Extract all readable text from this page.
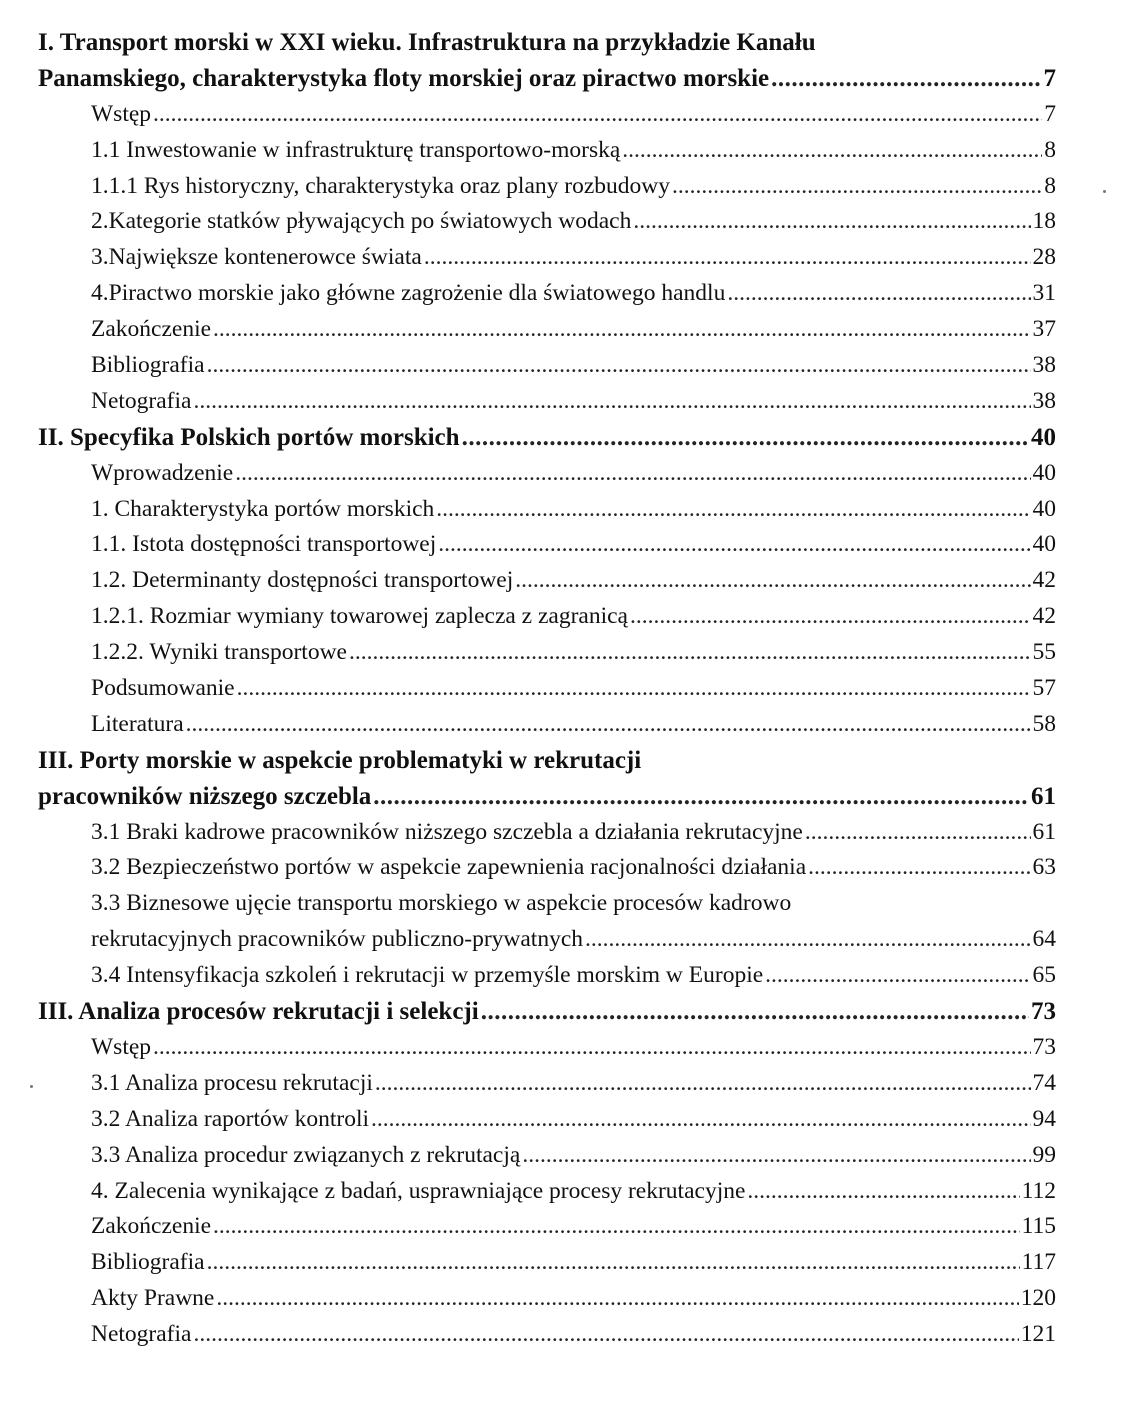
I. Transport morski w XXI wieku. Infrastruktura na przykładzie Kanału
Panamskiego, charakterystyka floty morskiej oraz piractwo morskie .....	7
Wstęp .....	7
1.1 Inwestowanie w infrastrukturę transportowo-morską .....	8
1.1.1 Rys historyczny, charakterystyka oraz plany rozbudowy .....	8
2.Kategorie statków pływających po światowych wodach .....	18
3.Największe kontenerowce świata .....	28
4.Piractwo morskie jako główne zagrożenie dla światowego handlu .....	31
Zakończenie .....	37
Bibliografia .....	38
Netografia .....	38
II. Specyfika Polskich portów morskich .....	40
Wprowadzenie .....	40
1. Charakterystyka portów morskich .....	40
1.1. Istota dostępności transportowej .....	40
1.2. Determinanty dostępności transportowej .....	42
1.2.1. Rozmiar wymiany towarowej zaplecza z zagranicą .....	42
1.2.2. Wyniki transportowe .....	55
Podsumowanie .....	57
Literatura .....	58
III. Porty morskie w aspekcie problematyki w rekrutacji
pracowników niższego szczebla .....	61
3.1 Braki kadrowe pracowników niższego szczebla a działania rekrutacyjne .....	61
3.2 Bezpieczeństwo portów w aspekcie zapewnienia racjonalności działania .....	63
3.3 Biznesowe ujęcie transportu morskiego w aspekcie procesów kadrowo
rekrutacyjnych pracowników publiczno-prywatnych .....	64
3.4 Intensyfikacja szkoleń i rekrutacji w przemyśle morskim w Europie .....	65
III. Analiza procesów rekrutacji i selekcji .....	73
Wstęp .....	73
3.1 Analiza procesu rekrutacji .....	74
3.2 Analiza raportów kontroli .....	94
3.3 Analiza procedur związanych z rekrutacją .....	99
4. Zalecenia wynikające z badań, usprawniające procesy rekrutacyjne .....	112
Zakończenie .....	115
Bibliografia .....	117
Akty Prawne .....	120
Netografia .....	121
